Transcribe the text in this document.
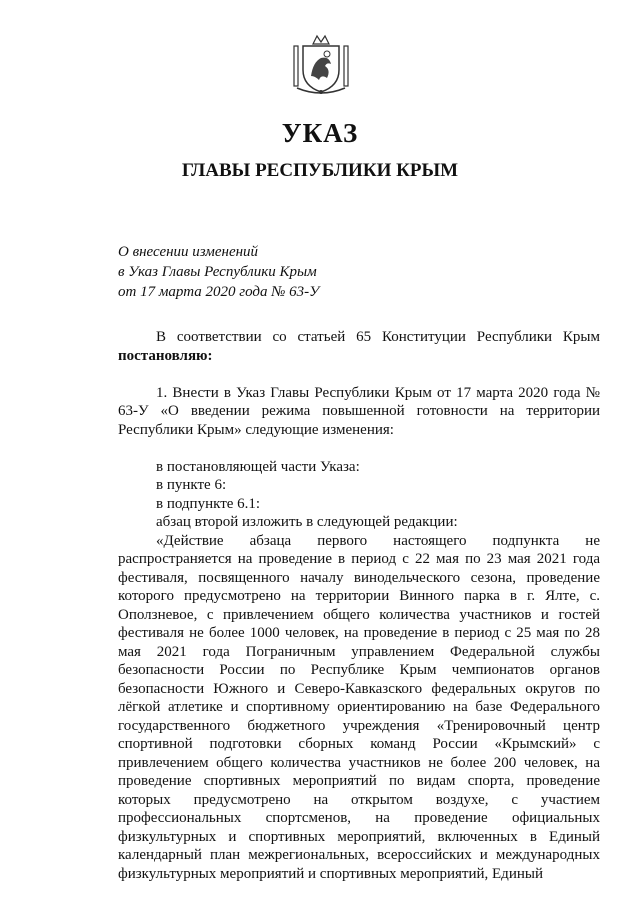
УКАЗ
ГЛАВЫ РЕСПУБЛИКИ КРЫМ
О внесении изменений
в Указ Главы Республики Крым
от 17 марта 2020 года № 63-У

В соответствии со статьей 65 Конституции Республики Крым постановляю:

1. Внести в Указ Главы Республики Крым от 17 марта 2020 года № 63-У «О введении режима повышенной готовности на территории Республики Крым» следующие изменения:

в постановляющей части Указа:

в пункте 6:

в подпункте 6.1:

абзац второй изложить в следующей редакции:

«Действие абзаца первого настоящего подпункта не распространяется на проведение в период с 22 мая по 23 мая 2021 года фестиваля, посвященного началу винодельческого сезона, проведение которого предусмотрено на территории Винного парка в г. Ялте, с. Оползневое, с привлечением общего количества участников и гостей фестиваля не более 1000 человек, на проведение в период с 25 мая по 28 мая 2021 года Пограничным управлением Федеральной службы безопасности России по Республике Крым чемпионатов органов безопасности Южного и Северо-Кавказского федеральных округов по лёгкой атлетике и спортивному ориентированию на базе Федерального государственного бюджетного учреждения «Тренировочный центр спортивной подготовки сборных команд России «Крымский» с привлечением общего количества участников не более 200 человек, на проведение спортивных мероприятий по видам спорта, проведение которых предусмотрено на открытом воздухе, с участием профессиональных спортсменов, на проведение официальных физкультурных и спортивных мероприятий, включенных в Единый календарный план межрегиональных, всероссийских и международных физкультурных мероприятий и спортивных мероприятий, Единый
